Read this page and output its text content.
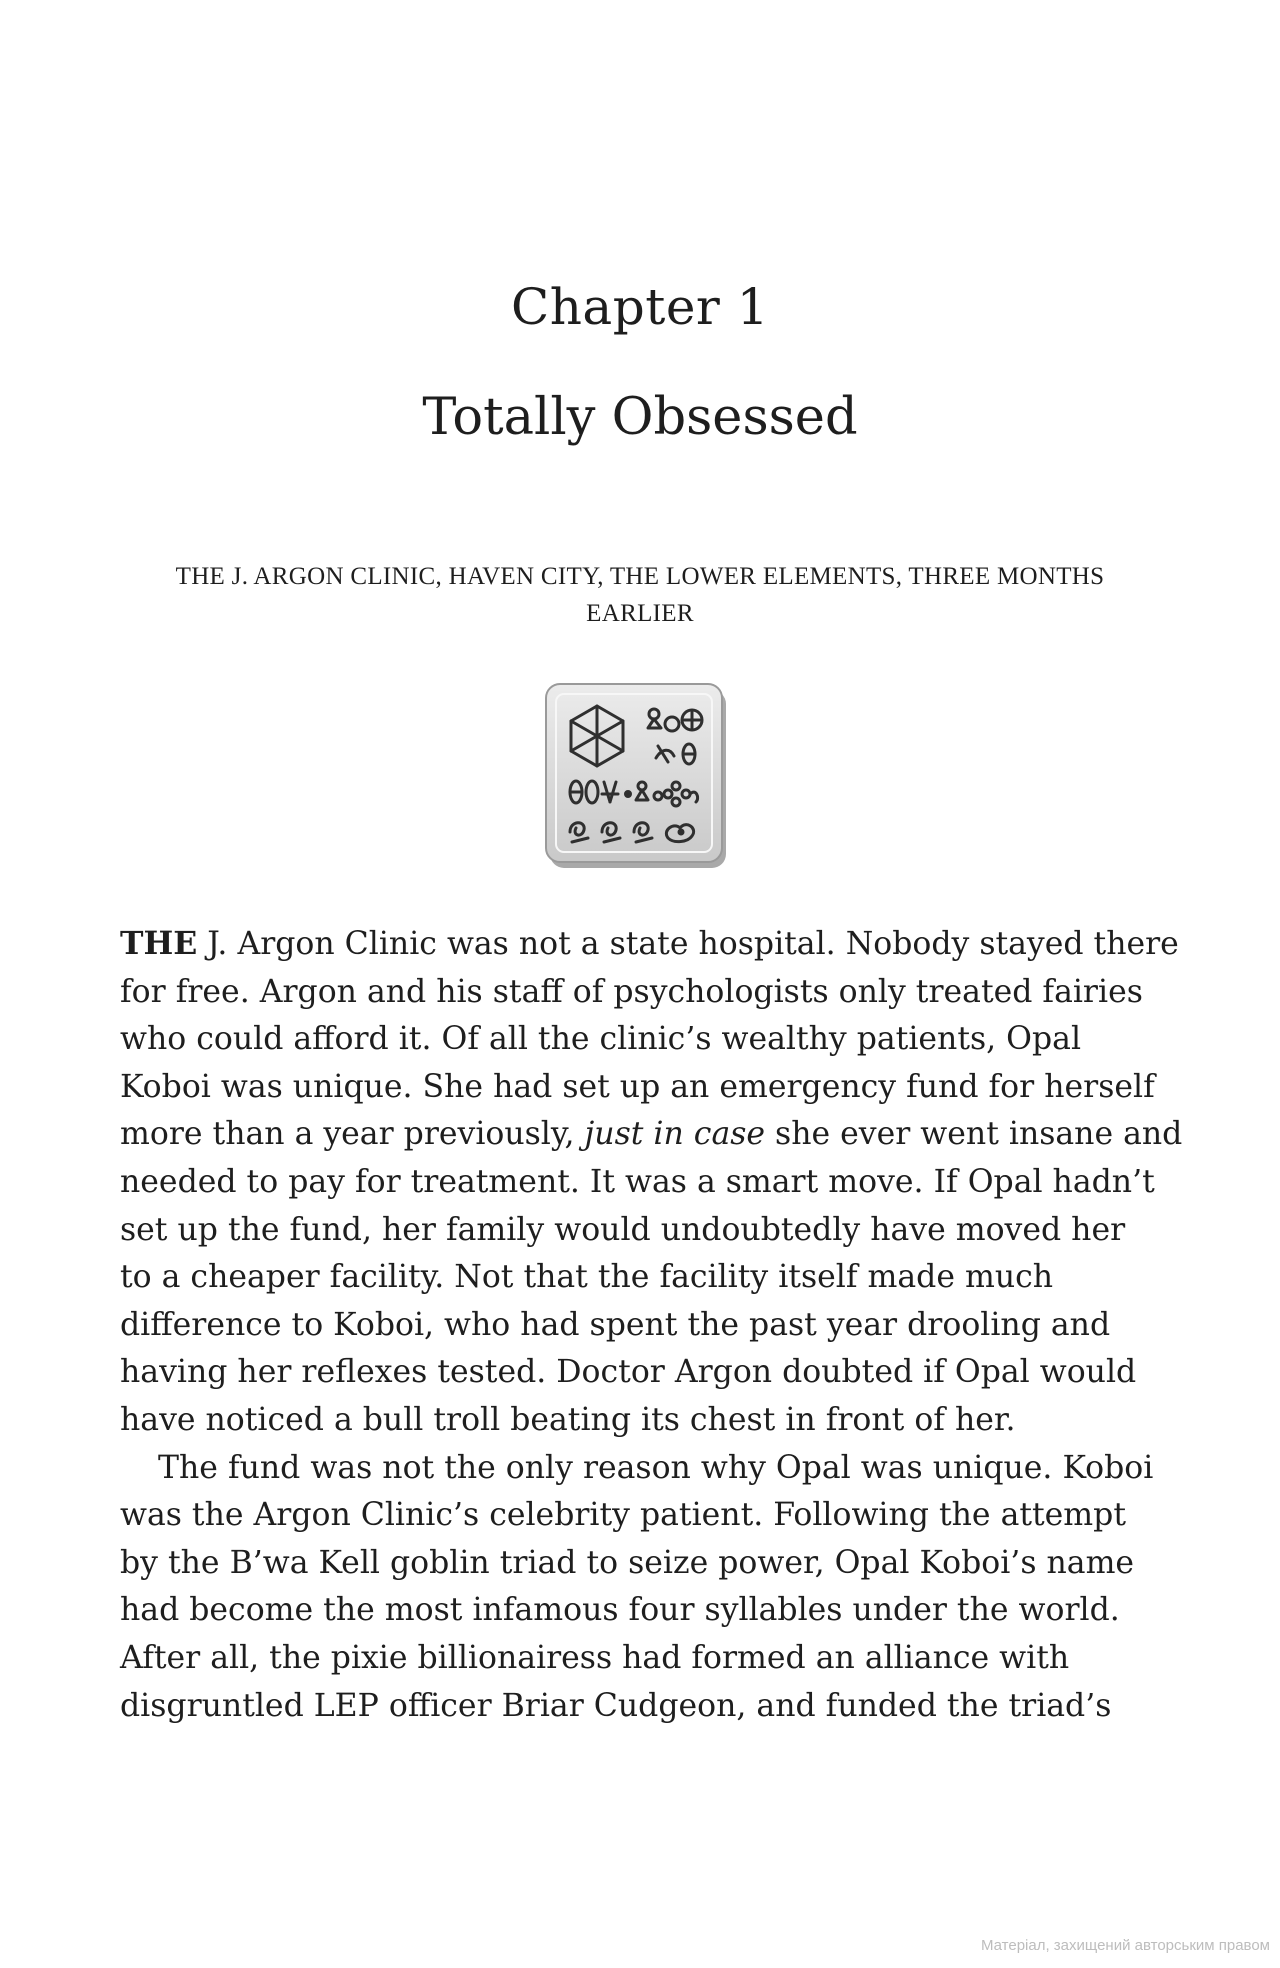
Chapter 1
Totally Obsessed
THE J. ARGON CLINIC, HAVEN CITY, THE LOWER ELEMENTS, THREE MONTHS
EARLIER

THE J. Argon Clinic was not a state hospital. Nobody stayed there
for free. Argon and his staff of psychologists only treated fairies
who could afford it. Of all the clinic’s wealthy patients, Opal
Koboi was unique. She had set up an emergency fund for herself
more than a year previously, just in case she ever went insane and
needed to pay for treatment. It was a smart move. If Opal hadn’t
set up the fund, her family would undoubtedly have moved her
to a cheaper facility. Not that the facility itself made much
difference to Koboi, who had spent the past year drooling and
having her reflexes tested. Doctor Argon doubted if Opal would
have noticed a bull troll beating its chest in front of her.

The fund was not the only reason why Opal was unique. Koboi
was the Argon Clinic’s celebrity patient. Following the attempt
by the B’wa Kell goblin triad to seize power, Opal Koboi’s name
had become the most infamous four syllables under the world.
After all, the pixie billionairess had formed an alliance with
disgruntled LEP officer Briar Cudgeon, and funded the triad’s

Матеріал, захищений авторським правом
